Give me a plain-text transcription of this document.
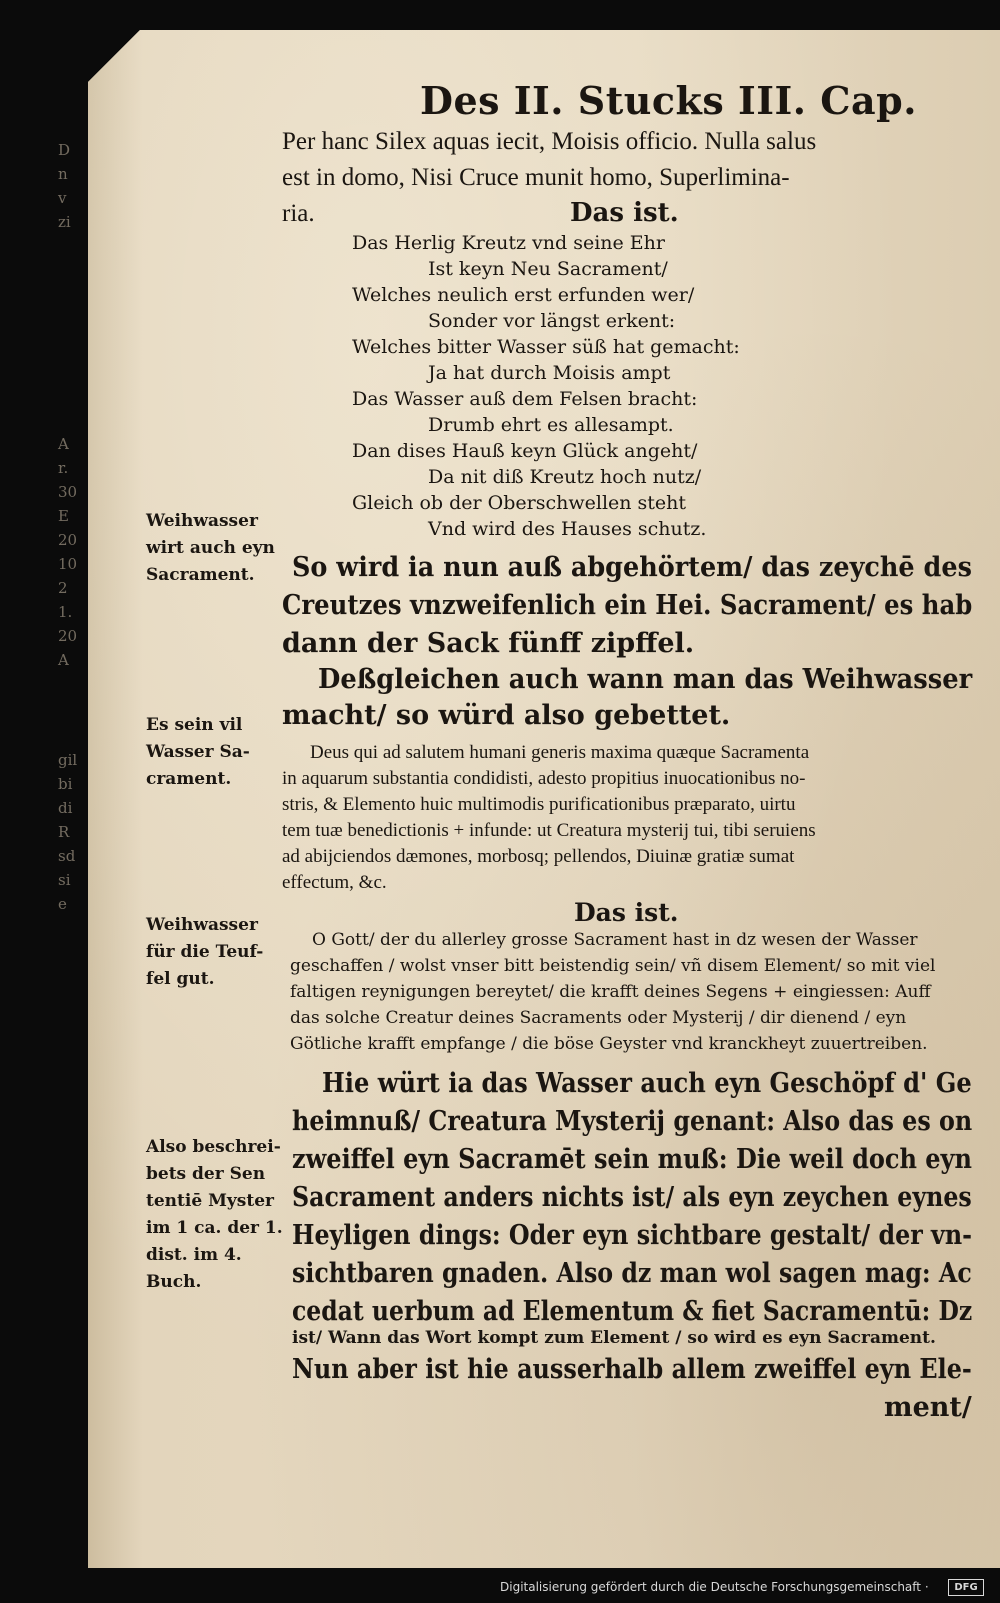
D
n
v
zi
A
r.
30
E
20
10
2
1.
20
A
gil
bi
di
R
sd
si
e
Des II. Stucks III. Cap.
Per hanc Silex aquas iecit, Moisis officio. Nulla salus
est in domo, Nisi Cruce munit homo, Superlimina-
ria.	Das ist.
Das Herlig Kreutz vnd seine Ehr
Ist keyn Neu Sacrament/
Welches neulich erst erfunden wer/
Sonder vor längst erkent:
Welches bitter Wasser süß hat gemacht:
Ja hat durch Moisis ampt
Das Wasser auß dem Felsen bracht:
Drumb ehrt es allesampt.
Dan dises Hauß keyn Glück angeht/
Da nit diß Kreutz hoch nutz/
Gleich ob der Oberschwellen steht
Vnd wird des Hauses schutz.
Weihwasser
wirt auch eyn
Sacrament.
Es sein vil
Wasser Sa-
crament.
Weihwasser
für die Teuf-
fel gut.
Also beschrei-
bets der Sen
tentiē Myster
im 1 ca. der 1.
dist. im 4.
Buch.
So wird ia nun auß abgehörtem/ das zeychē des
Creutzes vnzweifenlich ein Hei. Sacrament/ es hab
dann der Sack fünff zipffel.
Deßgleichen auch wann man das Weihwasser
macht/ so würd also gebettet.
Deus qui ad salutem humani generis maxima quæque Sacramenta
in aquarum substantia condidisti, adesto propitius inuocationibus no-
stris, & Elemento huic multimodis purificationibus præparato, uirtu
tem tuæ benedictionis + infunde: ut Creatura mysterij tui, tibi seruiens
ad abijciendos dæmones, morbosq; pellendos, Diuinæ gratiæ sumat
effectum, &c.
Das ist.
O Gott/ der du allerley grosse Sacrament hast in dz wesen der Wasser
geschaffen / wolst vnser bitt beistendig sein/ vñ disem Element/ so mit viel
faltigen reynigungen bereytet/ die krafft deines Segens + eingiessen: Auff
das solche Creatur deines Sacraments oder Mysterij / dir dienend / eyn
Götliche krafft empfange / die böse Geyster vnd kranckheyt zuuertreiben.
Hie würt ia das Wasser auch eyn Geschöpf d' Ge
heimnuß/ Creatura Mysterij genant: Also das es on
zweiffel eyn Sacramēt sein muß: Die weil doch eyn
Sacrament anders nichts ist/ als eyn zeychen eynes
Heyligen dings: Oder eyn sichtbare gestalt/ der vn-
sichtbaren gnaden. Also dz man wol sagen mag: Ac
cedat uerbum ad Elementum & fiet Sacramentū: Dz
ist/ Wann das Wort kompt zum Element / so wird es eyn Sacrament.
Nun aber ist hie ausserhalb allem zweiffel eyn Ele-
ment/
Digitalisierung gefördert durch die Deutsche Forschungsgemeinschaft ·	DFG
